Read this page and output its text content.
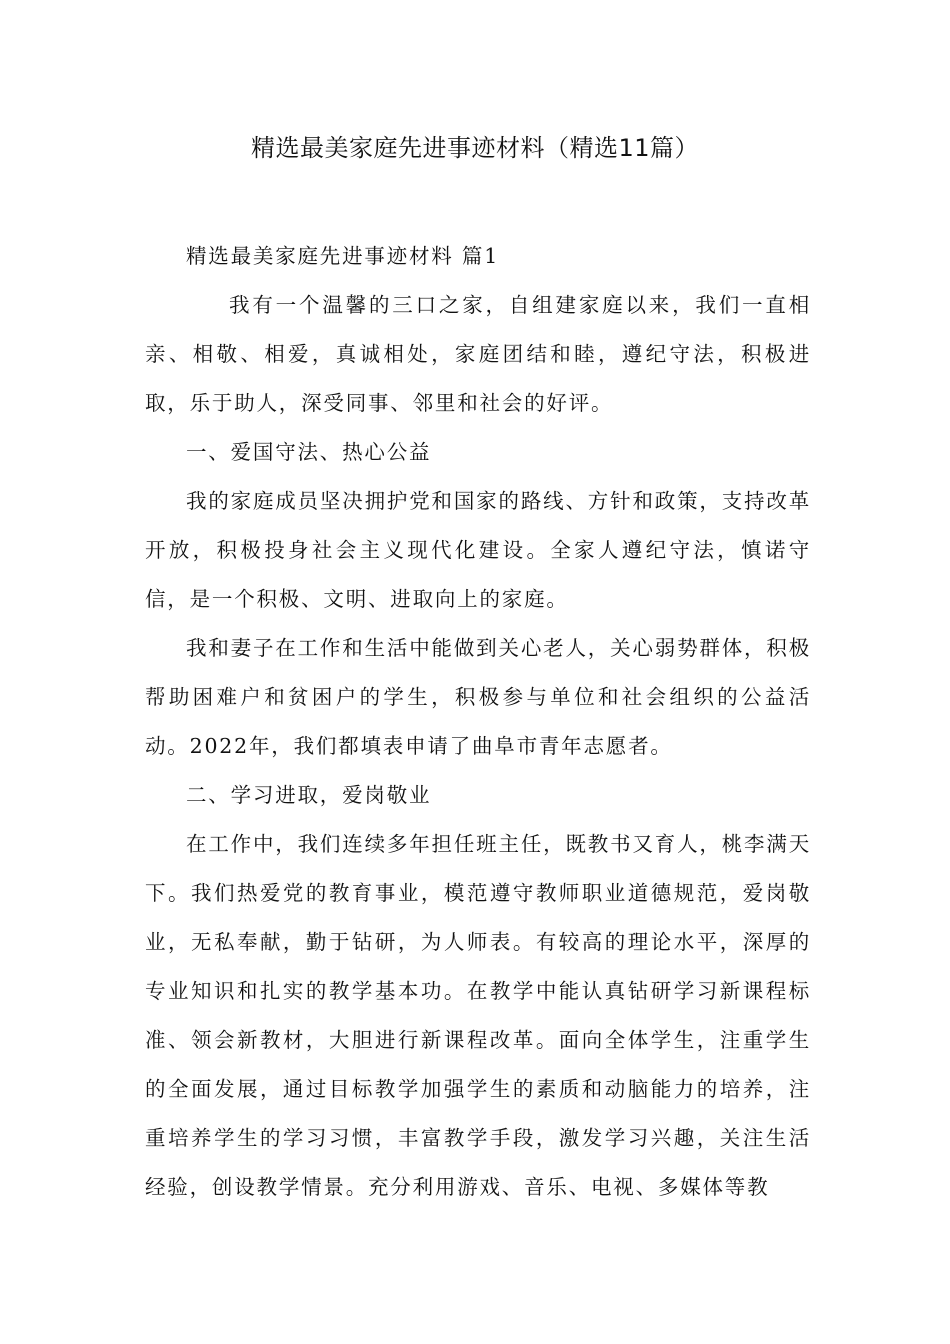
精选最美家庭先进事迹材料（精选11篇）

精选最美家庭先进事迹材料 篇1

我有一个温馨的三口之家，自组建家庭以来，我们一直相亲、相敬、相爱，真诚相处，家庭团结和睦，遵纪守法，积极进取，乐于助人，深受同事、邻里和社会的好评。

一、爱国守法、热心公益

我的家庭成员坚决拥护党和国家的路线、方针和政策，支持改革开放，积极投身社会主义现代化建设。全家人遵纪守法，慎诺守信，是一个积极、文明、进取向上的家庭。

我和妻子在工作和生活中能做到关心老人，关心弱势群体，积极帮助困难户和贫困户的学生，积极参与单位和社会组织的公益活动。2022年，我们都填表申请了曲阜市青年志愿者。

二、学习进取，爱岗敬业

在工作中，我们连续多年担任班主任，既教书又育人，桃李满天下。我们热爱党的教育事业，模范遵守教师职业道德规范，爱岗敬业，无私奉献，勤于钻研，为人师表。有较高的理论水平，深厚的专业知识和扎实的教学基本功。在教学中能认真钻研学习新课程标准、领会新教材，大胆进行新课程改革。面向全体学生，注重学生的全面发展，通过目标教学加强学生的素质和动脑能力的培养，注重培养学生的学习习惯，丰富教学手段，激发学习兴趣，关注生活经验，创设教学情景。充分利用游戏、音乐、电视、多媒体等教
